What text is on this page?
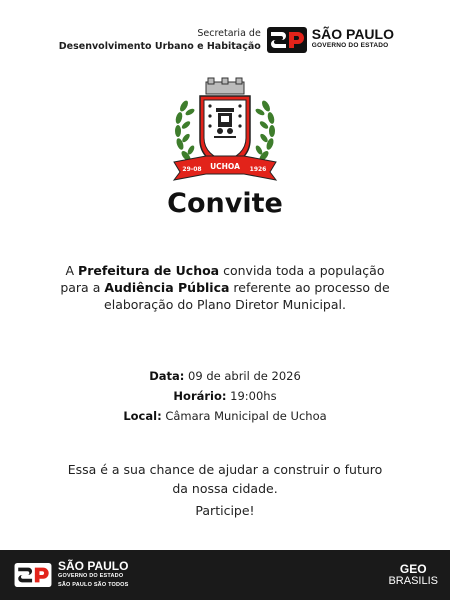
Secretaria de
Desenvolvimento Urbano e Habitação
SÃO PAULO
GOVERNO DO ESTADO
29-08 UCHOA 1926
Convite

A Prefeitura de Uchoa convida toda a população para a Audiência Pública referente ao processo de elaboração do Plano Diretor Municipal.

Data: 09 de abril de 2026
Horário: 19:00hs
Local: Câmara Municipal de Uchoa
Essa é a sua chance de ajudar a construir o futuro da nossa cidade.
Participe!
SÃO PAULO
GOVERNO DO ESTADO
SÃO PAULO SÃO TODOS
GEO
BRASILIS
